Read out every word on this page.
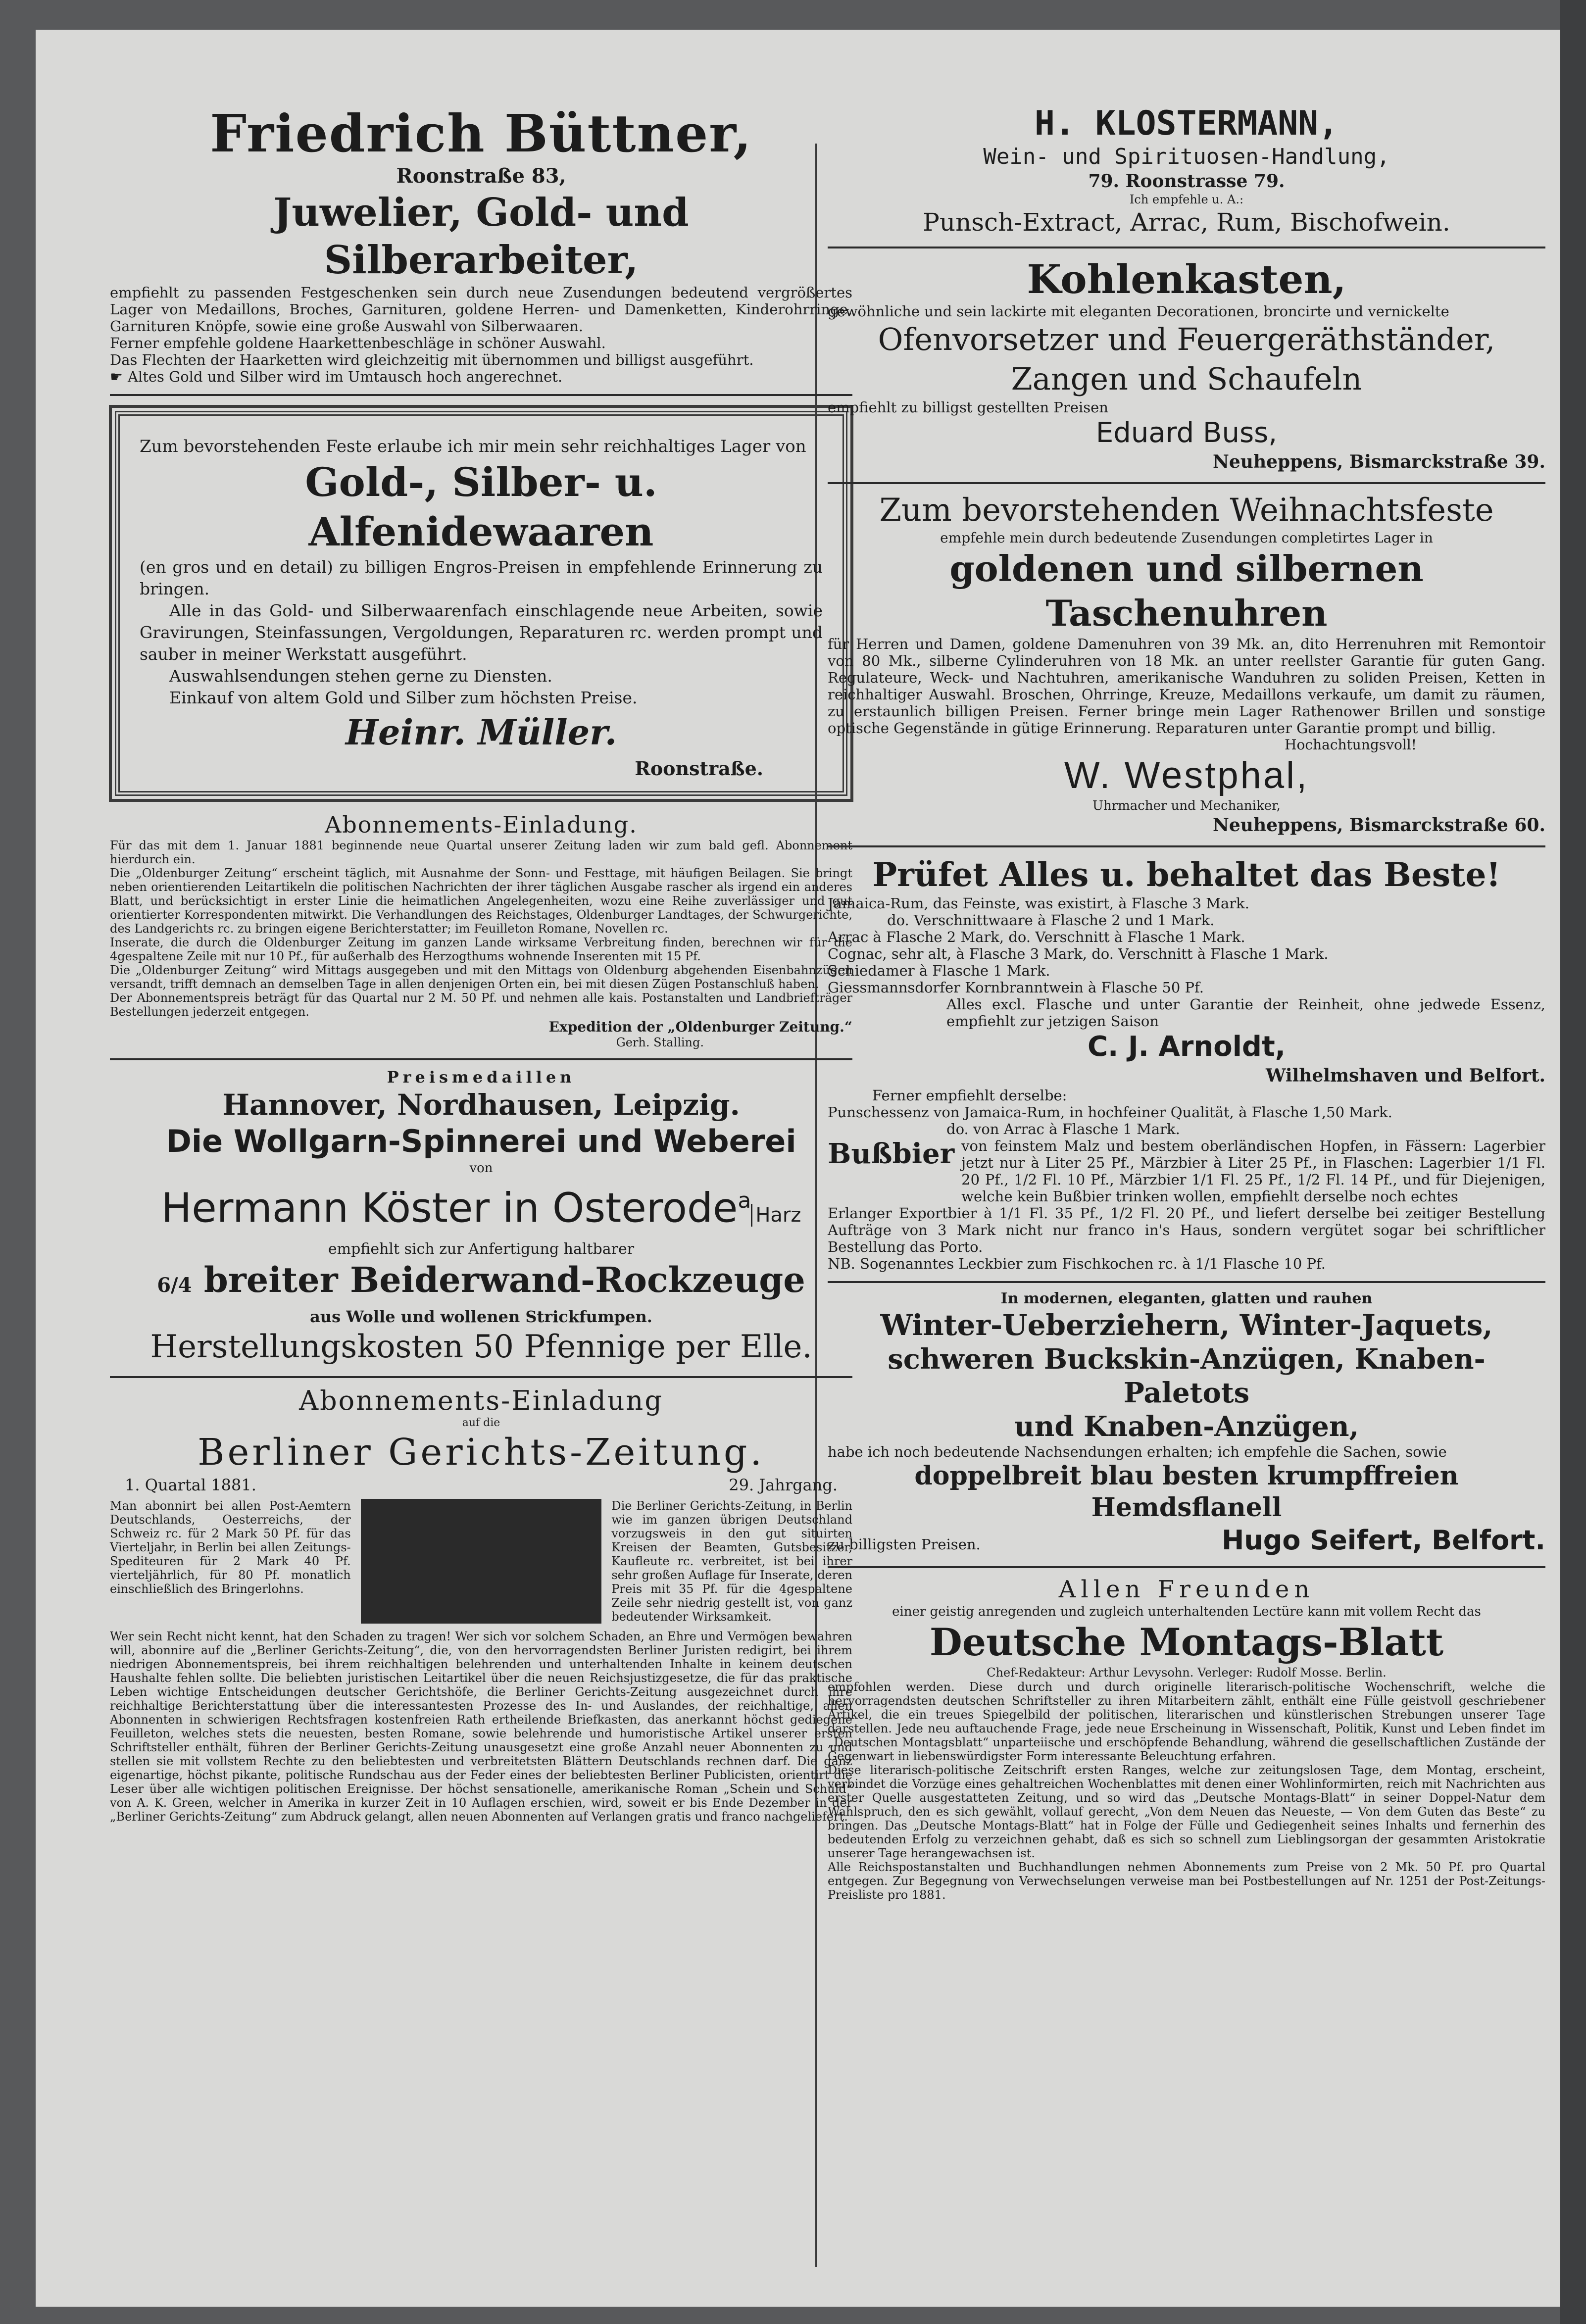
Friedrich Büttner,
Roonstraße 83,
Juwelier, Gold- und Silberarbeiter,

empfiehlt zu passenden Festgeschenken sein durch neue Zusendungen bedeutend vergrößertes Lager von Medaillons, Broches, Garnituren, goldene Herren- und Damenketten, Kinderohrringe, Garnituren Knöpfe, sowie eine große Auswahl von Silberwaaren.

Ferner empfehle goldene Haarkettenbeschläge in schöner Auswahl.

Das Flechten der Haarketten wird gleichzeitig mit übernommen und billigst ausgeführt.

☛ Altes Gold und Silber wird im Umtausch hoch angerechnet.

Zum bevorstehenden Feste erlaube ich mir mein sehr reichhaltiges Lager von

Gold-, Silber- u. Alfenidewaaren

(en gros und en detail) zu billigen Engros-Preisen in empfehlende Erinnerung zu bringen.

Alle in das Gold- und Silberwaarenfach einschlagende neue Arbeiten, sowie Gravirungen, Steinfassungen, Vergoldungen, Reparaturen rc. werden prompt und sauber in meiner Werkstatt ausgeführt.

Auswahlsendungen stehen gerne zu Diensten.

Einkauf von altem Gold und Silber zum höchsten Preise.

Heinr. Müller.
Roonstraße.
Abonnements-Einladung.

Für das mit dem 1. Januar 1881 beginnende neue Quartal unserer Zeitung laden wir zum bald gefl. Abonnement hierdurch ein.

Die „Oldenburger Zeitung“ erscheint täglich, mit Ausnahme der Sonn- und Festtage, mit häufigen Beilagen. Sie bringt neben orientierenden Leitartikeln die politischen Nachrichten der ihrer täglichen Ausgabe rascher als irgend ein anderes Blatt, und berücksichtigt in erster Linie die heimatlichen Angelegenheiten, wozu eine Reihe zuverlässiger und gut orientierter Korrespondenten mitwirkt. Die Verhandlungen des Reichstages, Oldenburger Landtages, der Schwurgerichte, des Landgerichts rc. zu bringen eigene Berichterstatter; im Feuilleton Romane, Novellen rc.

Inserate, die durch die Oldenburger Zeitung im ganzen Lande wirksame Verbreitung finden, berechnen wir für die 4gespaltene Zeile mit nur 10 Pf., für außerhalb des Herzogthums wohnende Inserenten mit 15 Pf.

Die „Oldenburger Zeitung“ wird Mittags ausgegeben und mit den Mittags von Oldenburg abgehenden Eisenbahnzügen versandt, trifft demnach an demselben Tage in allen denjenigen Orten ein, bei mit diesen Zügen Postanschluß haben.

Der Abonnementspreis beträgt für das Quartal nur 2 M. 50 Pf. und nehmen alle kais. Postanstalten und Landbriefträger Bestellungen jederzeit entgegen.

Expedition der „Oldenburger Zeitung.“
Gerh. Stalling.
Preismedaillen
Hannover, Nordhausen, Leipzig.
Die Wollgarn-Spinnerei und Weberei
von
Hermann Köster in Osterode$^a$Harz
empfiehlt sich zur Anfertigung haltbarer
6/4 breiter Beiderwand-Rockzeuge
aus Wolle und wollenen Strickfumpen.
Herstellungskosten 50 Pfennige per Elle.
Abonnements-Einladung
auf die
Berliner Gerichts-Zeitung.
1. Quartal 1881.	29. Jahrgang.
Man abonnirt bei allen Post-Aemtern Deutschlands, Oesterreichs, der Schweiz rc. für 2 Mark 50 Pf. für das Vierteljahr, in Berlin bei allen Zeitungs-Spediteuren für 2 Mark 40 Pf. vierteljährlich, für 80 Pf. monatlich einschließlich des Bringerlohns.
Die Berliner Gerichts-Zeitung, in Berlin wie im ganzen übrigen Deutschland vorzugsweis in den gut situirten Kreisen der Beamten, Gutsbesitzer, Kaufleute rc. verbreitet, ist bei ihrer sehr großen Auflage für Inserate, deren Preis mit 35 Pf. für die 4gespaltene Zeile sehr niedrig gestellt ist, von ganz bedeutender Wirksamkeit.

Wer sein Recht nicht kennt, hat den Schaden zu tragen! Wer sich vor solchem Schaden, an Ehre und Vermögen bewahren will, abonnire auf die „Berliner Gerichts-Zeitung“, die, von den hervorragendsten Berliner Juristen redigirt, bei ihrem niedrigen Abonnementspreis, bei ihrem reichhaltigen belehrenden und unterhaltenden Inhalte in keinem deutschen Haushalte fehlen sollte. Die beliebten juristischen Leitartikel über die neuen Reichsjustizgesetze, die für das praktische Leben wichtige Entscheidungen deutscher Gerichtshöfe, die Berliner Gerichts-Zeitung ausgezeichnet durch ihre reichhaltige Berichterstattung über die interessantesten Prozesse des In- und Auslandes, der reichhaltige, allen Abonnenten in schwierigen Rechtsfragen kostenfreien Rath ertheilende Briefkasten, das anerkannt höchst gediegene Feuilleton, welches stets die neuesten, besten Romane, sowie belehrende und humoristische Artikel unserer ersten Schriftsteller enthält, führen der Berliner Gerichts-Zeitung unausgesetzt eine große Anzahl neuer Abonnenten zu und stellen sie mit vollstem Rechte zu den beliebtesten und verbreitetsten Blättern Deutschlands rechnen darf. Die ganz eigenartige, höchst pikante, politische Rundschau aus der Feder eines der beliebtesten Berliner Publicisten, orientirt die Leser über alle wichtigen politischen Ereignisse. Der höchst sensationelle, amerikanische Roman „Schein und Schuld“ von A. K. Green, welcher in Amerika in kurzer Zeit in 10 Auflagen erschien, wird, soweit er bis Ende Dezember in der „Berliner Gerichts-Zeitung“ zum Abdruck gelangt, allen neuen Abonnenten auf Verlangen gratis und franco nachgeliefert.

H. KLOSTERMANN,
Wein- und Spirituosen-Handlung,
79. Roonstrasse 79.
Ich empfehle u. A.:
Punsch-Extract, Arrac, Rum, Bischofwein.
Kohlenkasten,

gewöhnliche und sein lackirte mit eleganten Decorationen, broncirte und vernickelte

Ofenvorsetzer und Feuergeräthständer,
Zangen und Schaufeln

empfiehlt zu billigst gestellten Preisen

Eduard Buss,
Neuheppens, Bismarckstraße 39.
Zum bevorstehenden Weihnachtsfeste
empfehle mein durch bedeutende Zusendungen completirtes Lager in
goldenen und silbernen Taschenuhren

für Herren und Damen, goldene Damenuhren von 39 Mk. an, dito Herrenuhren mit Remontoir von 80 Mk., silberne Cylinderuhren von 18 Mk. an unter reellster Garantie für guten Gang. Regulateure, Weck- und Nachtuhren, amerikanische Wanduhren zu soliden Preisen, Ketten in reichhaltiger Auswahl. Broschen, Ohrringe, Kreuze, Medaillons verkaufe, um damit zu räumen, zu erstaunlich billigen Preisen. Ferner bringe mein Lager Rathenower Brillen und sonstige optische Gegenstände in gütige Erinnerung. Reparaturen unter Garantie prompt und billig.

Hochachtungsvoll!
W. Westphal,
Uhrmacher und Mechaniker,
Neuheppens, Bismarckstraße 60.
Prüfet Alles u. behaltet das Beste!

Jamaica-Rum, das Feinste, was existirt, à Flasche 3 Mark.

do. Verschnittwaare à Flasche 2 und 1 Mark.

Arrac à Flasche 2 Mark, do. Verschnitt à Flasche 1 Mark.

Cognac, sehr alt, à Flasche 3 Mark, do. Verschnitt à Flasche 1 Mark.

Schiedamer à Flasche 1 Mark.

Giessmannsdorfer Kornbranntwein à Flasche 50 Pf.

Alles excl. Flasche und unter Garantie der Reinheit, ohne jedwede Essenz, empfiehlt zur jetzigen Saison

C. J. Arnoldt,
Wilhelmshaven und Belfort.

Ferner empfiehlt derselbe:

Punschessenz von Jamaica-Rum, in hochfeiner Qualität, à Flasche 1,50 Mark.

do. von Arrac à Flasche 1 Mark.

Bußbier von feinstem Malz und bestem oberländischen Hopfen, in Fässern: Lagerbier jetzt nur à Liter 25 Pf., Märzbier à Liter 25 Pf., in Flaschen: Lagerbier 1/1 Fl. 20 Pf., 1/2 Fl. 10 Pf., Märzbier 1/1 Fl. 25 Pf., 1/2 Fl. 14 Pf., und für Diejenigen, welche kein Bußbier trinken wollen, empfiehlt derselbe noch echtes

Erlanger Exportbier à 1/1 Fl. 35 Pf., 1/2 Fl. 20 Pf., und liefert derselbe bei zeitiger Bestellung Aufträge von 3 Mark nicht nur franco in's Haus, sondern vergütet sogar bei schriftlicher Bestellung das Porto.

NB. Sogenanntes Leckbier zum Fischkochen rc. à 1/1 Flasche 10 Pf.

In modernen, eleganten, glatten und rauhen
Winter-Ueberziehern, Winter-Jaquets,
schweren Buckskin-Anzügen, Knaben-Paletots
und Knaben-Anzügen,

habe ich noch bedeutende Nachsendungen erhalten; ich empfehle die Sachen, sowie

doppelbreit blau besten krumpffreien Hemdsflanell
zu billigsten Preisen.	Hugo Seifert, Belfort.
Allen Freunden
einer geistig anregenden und zugleich unterhaltenden Lectüre kann mit vollem Recht das
Deutsche Montags-Blatt
Chef-Redakteur: Arthur Levysohn. Verleger: Rudolf Mosse. Berlin.

empfohlen werden. Diese durch und durch originelle literarisch-politische Wochenschrift, welche die hervorragendsten deutschen Schriftsteller zu ihren Mitarbeitern zählt, enthält eine Fülle geistvoll geschriebener Artikel, die ein treues Spiegelbild der politischen, literarischen und künstlerischen Strebungen unserer Tage darstellen. Jede neu auftauchende Frage, jede neue Erscheinung in Wissenschaft, Politik, Kunst und Leben findet im „Deutschen Montagsblatt“ unparteiische und erschöpfende Behandlung, während die gesellschaftlichen Zustände der Gegenwart in liebenswürdigster Form interessante Beleuchtung erfahren.

Diese literarisch-politische Zeitschrift ersten Ranges, welche zur zeitungslosen Tage, dem Montag, erscheint, verbindet die Vorzüge eines gehaltreichen Wochenblattes mit denen einer Wohlinformirten, reich mit Nachrichten aus erster Quelle ausgestatteten Zeitung, und so wird das „Deutsche Montags-Blatt“ in seiner Doppel-Natur dem Wahlspruch, den es sich gewählt, vollauf gerecht, „Von dem Neuen das Neueste, — Von dem Guten das Beste“ zu bringen. Das „Deutsche Montags-Blatt“ hat in Folge der Fülle und Gediegenheit seines Inhalts und fernerhin des bedeutenden Erfolg zu verzeichnen gehabt, daß es sich so schnell zum Lieblingsorgan der gesammten Aristokratie unserer Tage herangewachsen ist.

Alle Reichspostanstalten und Buchhandlungen nehmen Abonnements zum Preise von 2 Mk. 50 Pf. pro Quartal entgegen. Zur Begegnung von Verwechselungen verweise man bei Postbestellungen auf Nr. 1251 der Post-Zeitungs-Preisliste pro 1881.
